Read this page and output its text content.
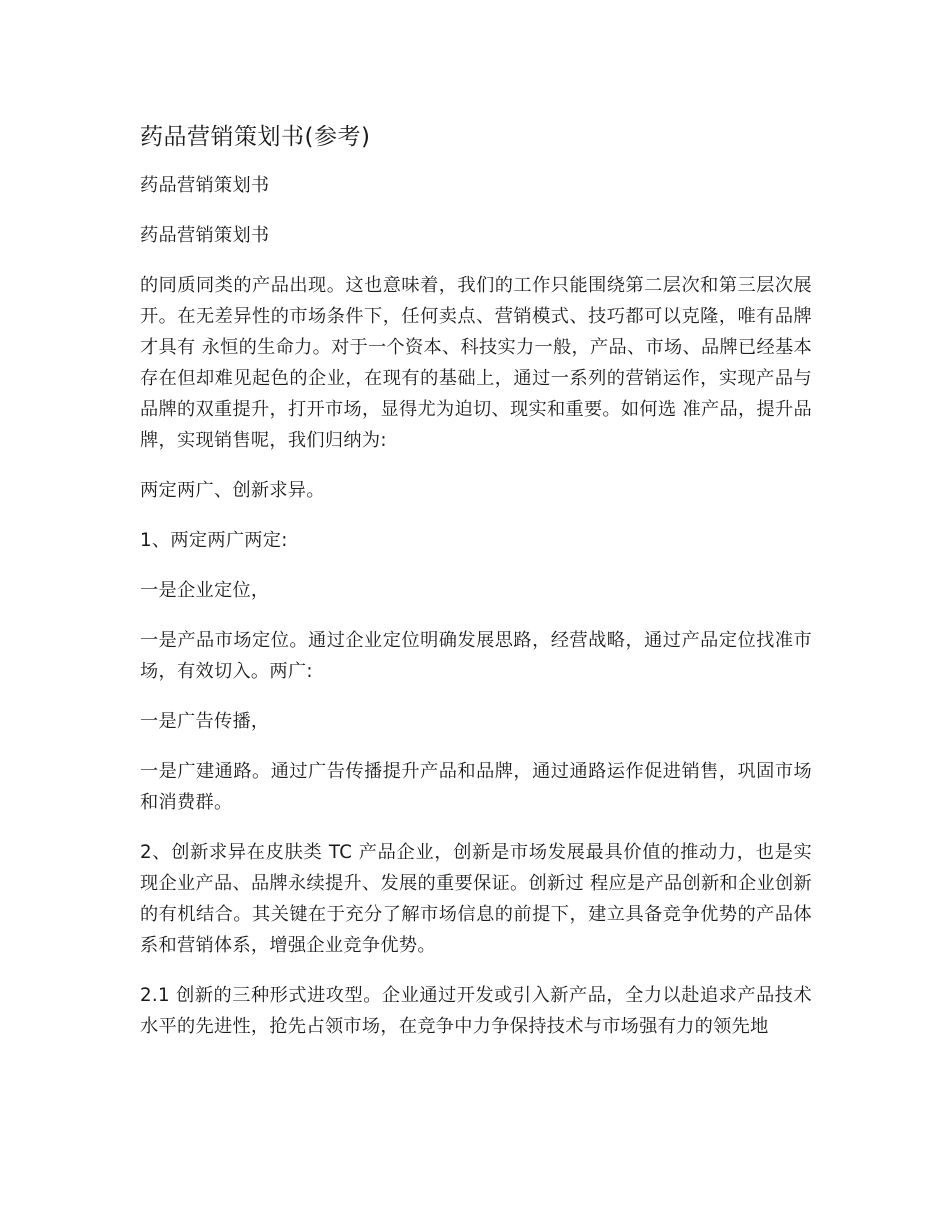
药品营销策划书(参考)

药品营销策划书

药品营销策划书

的同质同类的产品出现。这也意味着，我们的工作只能围绕第二层次和第三层次展开。在无差异性的市场条件下，任何卖点、营销模式、技巧都可以克隆，唯有品牌才具有 永恒的生命力。对于一个资本、科技实力一般，产品、市场、品牌已经基本存在但却难见起色的企业，在现有的基础上，通过一系列的营销运作，实现产品与品牌的双重提升，打开市场，显得尤为迫切、现实和重要。如何选 准产品，提升品牌，实现销售呢，我们归纳为:

两定两广、创新求异。

1、两定两广两定:

一是企业定位，

一是产品市场定位。通过企业定位明确发展思路，经营战略，通过产品定位找准市场，有效切入。两广:

一是广告传播，

一是广建通路。通过广告传播提升产品和品牌，通过通路运作促进销售，巩固市场和消费群。

2、创新求异在皮肤类 TC 产品企业，创新是市场发展最具价值的推动力，也是实现企业产品、品牌永续提升、发展的重要保证。创新过 程应是产品创新和企业创新的有机结合。其关键在于充分了解市场信息的前提下，建立具备竞争优势的产品体系和营销体系，增强企业竞争优势。

2.1 创新的三种形式进攻型。企业通过开发或引入新产品，全力以赴追求产品技术水平的先进性，抢先占领市场，在竞争中力争保持技术与市场强有力的领先地
